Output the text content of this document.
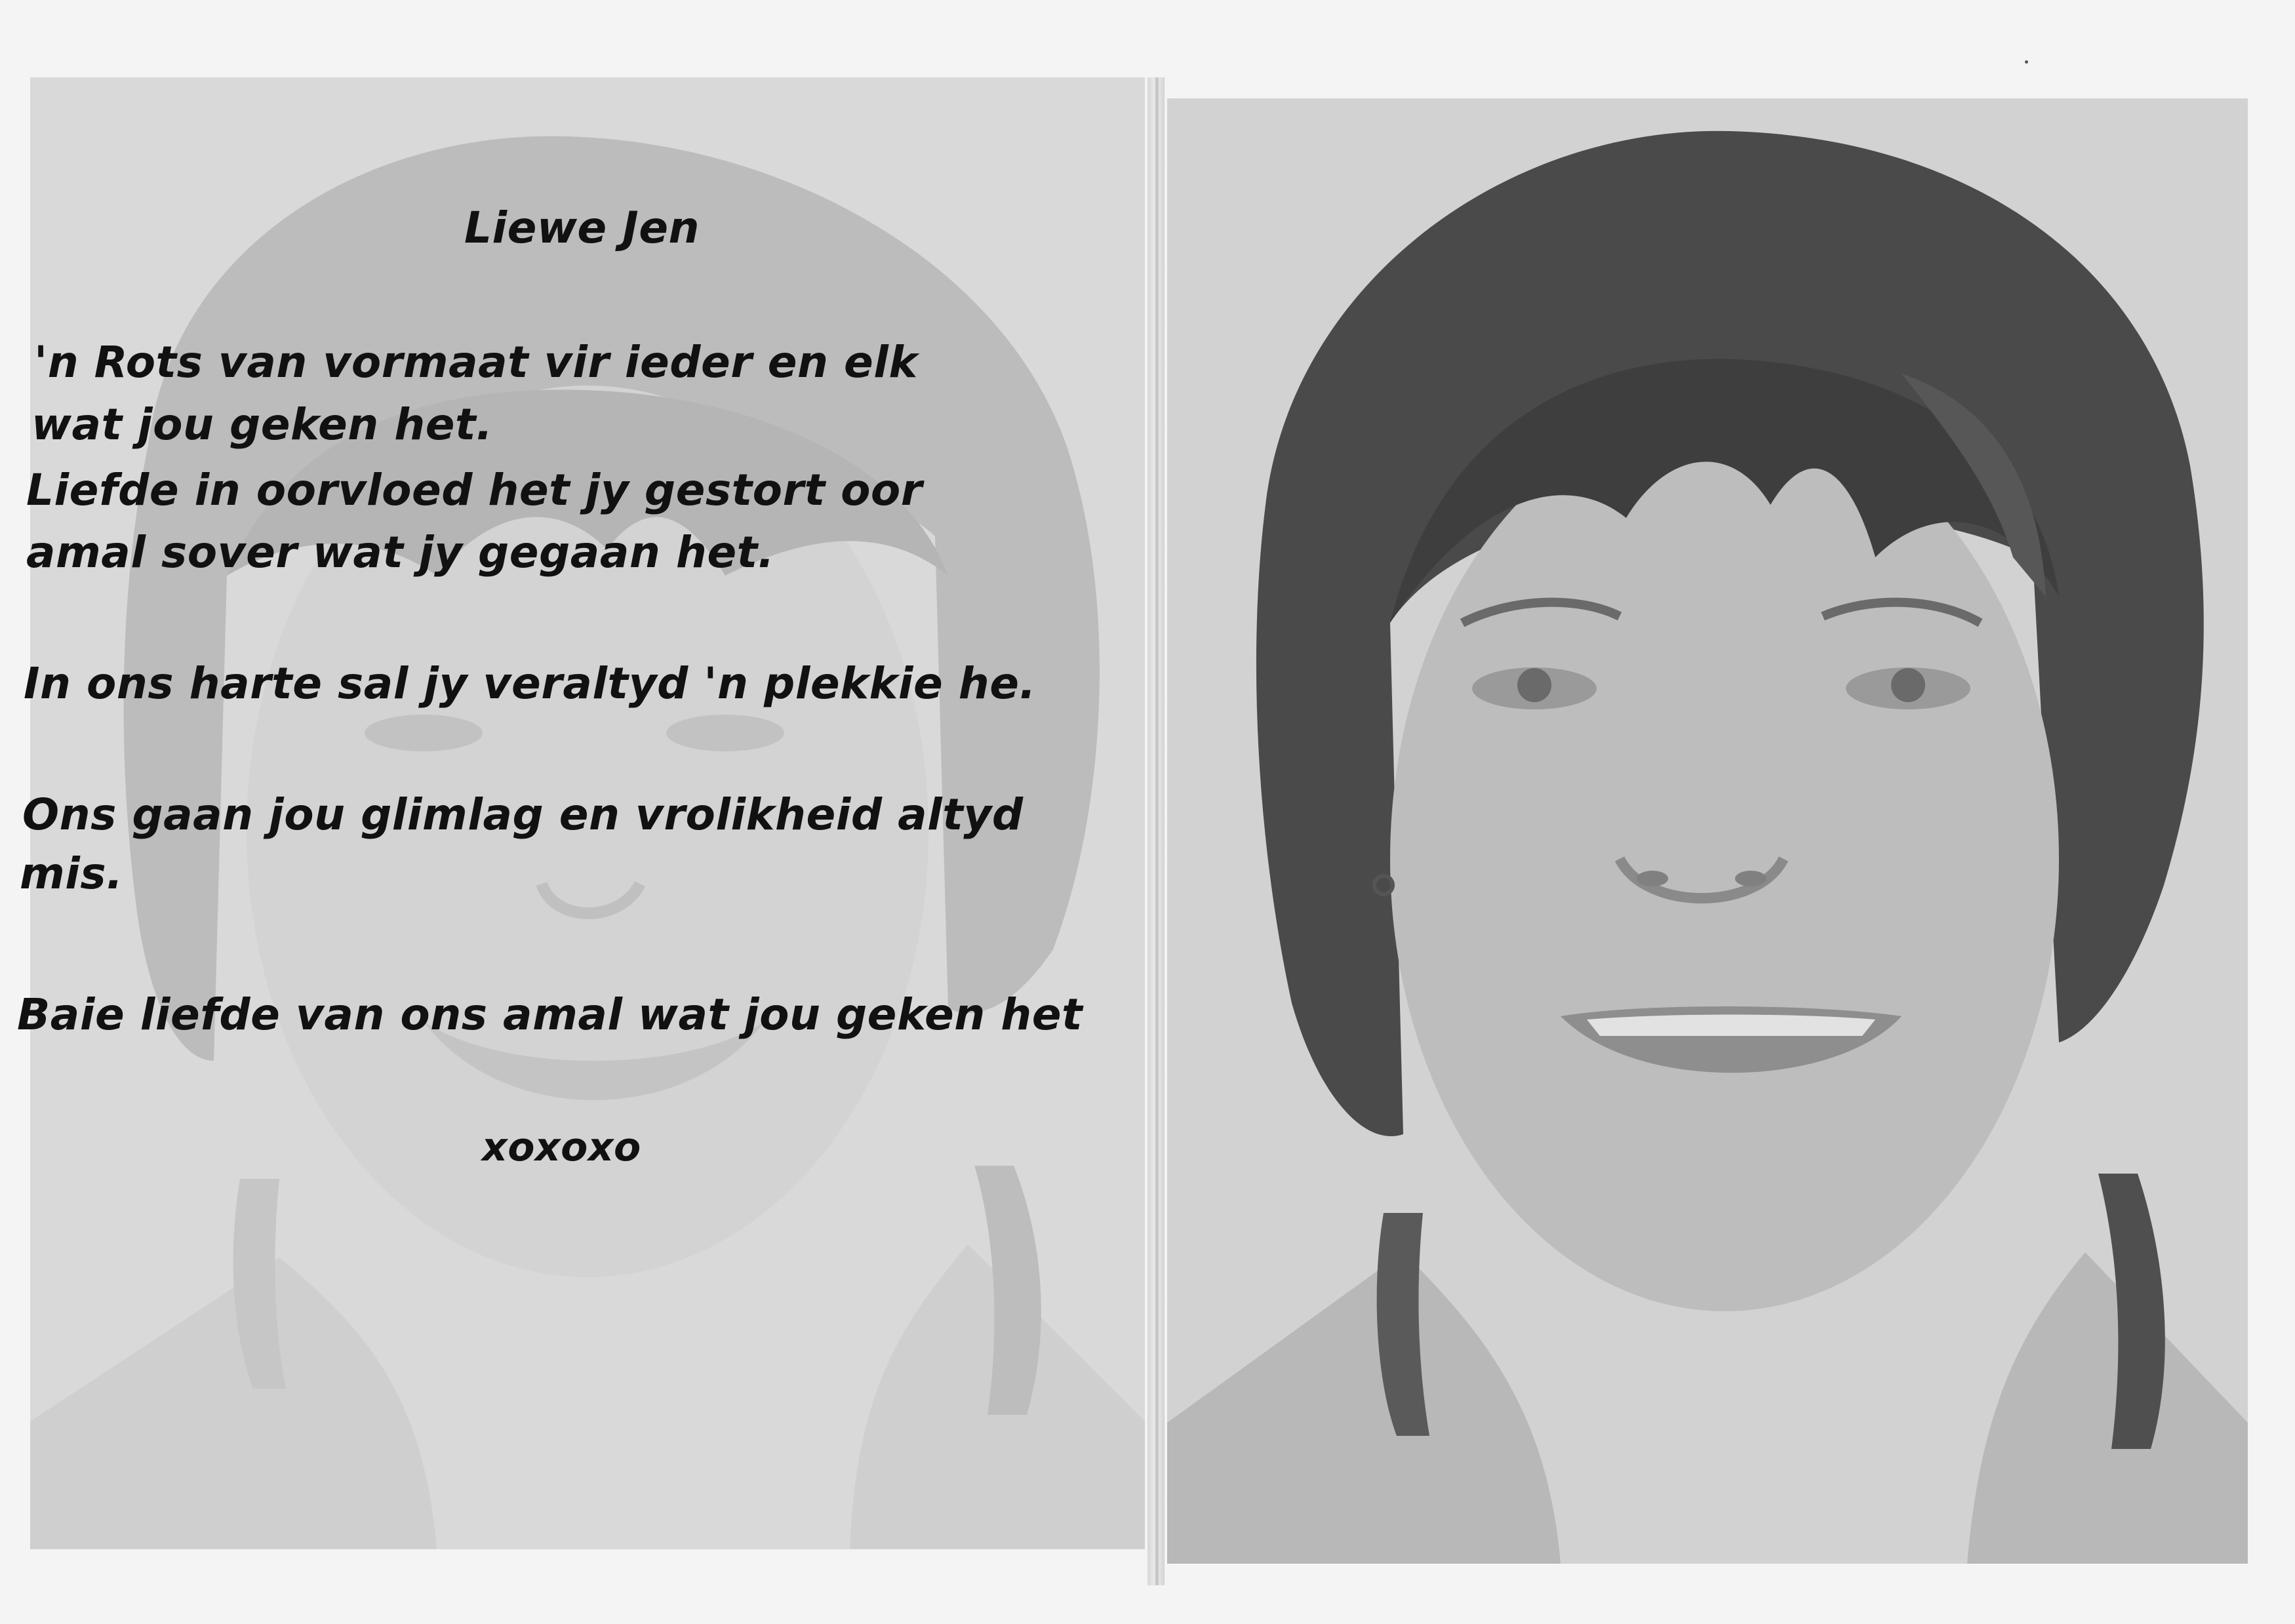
Liewe Jen
'n Rots van vormaat vir ieder en elk
wat jou geken het.
Liefde in oorvloed het jy gestort oor
amal sover wat jy gegaan het.
In ons harte sal jy veraltyd 'n plekkie he.
Ons gaan jou glimlag en vrolikheid altyd
mis.
Baie liefde van ons amal wat jou geken het
xoxoxo
